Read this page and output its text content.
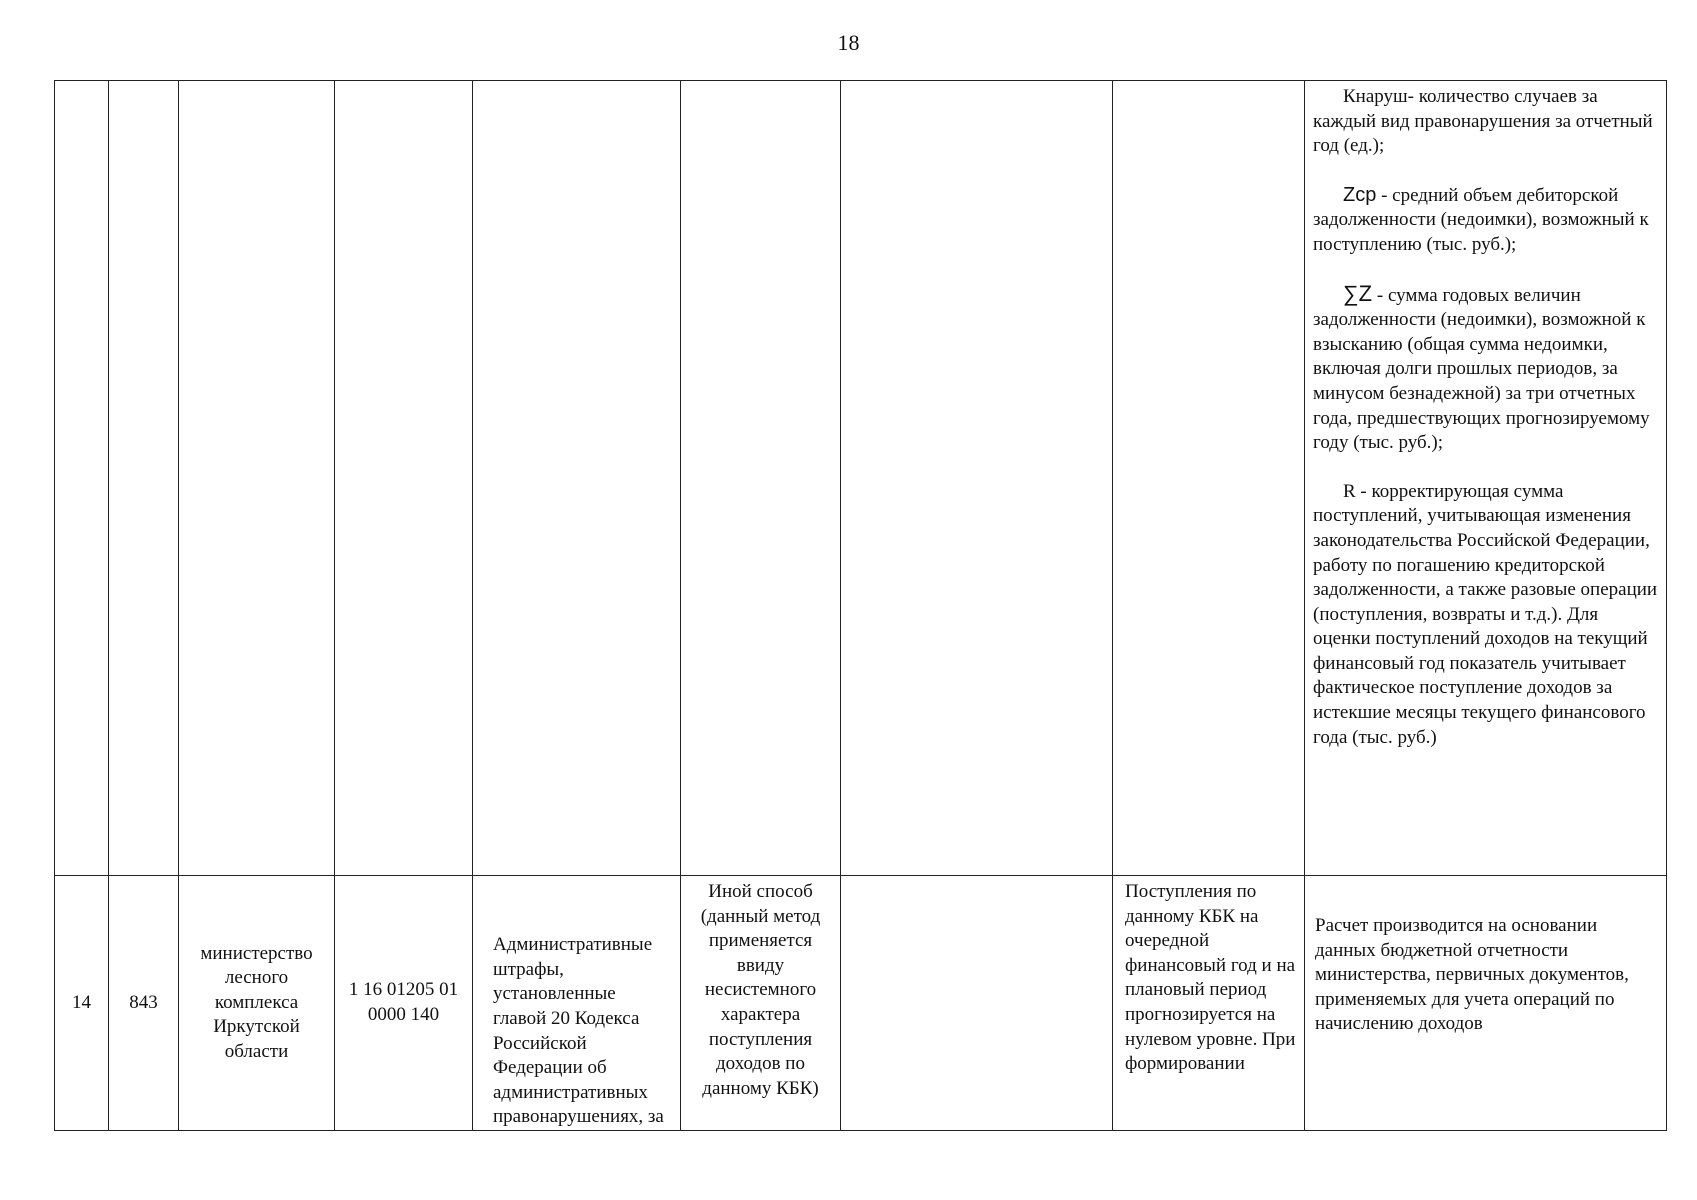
18

								Кнаруш- количество случаев за каждый вид правонарушения за отчетный год (ед.);

Zср - средний объем дебиторской задолженности (недоимки), возможный к поступлению (тыс. руб.);

∑Z - сумма годовых величин задолженности (недоимки), возможной к взысканию (общая сумма недоимки, включая долги прошлых периодов, за минусом безнадежной) за три отчетных года, предшествующих прогнозируемому году (тыс. руб.);

R - корректирующая сумма поступлений, учитывающая изменения законодательства Российской Федерации, работу по погашению кредиторской задолженности, а также разовые операции (поступления, возвраты и т.д.). Для оценки поступлений доходов на текущий финансовый год показатель учитывает фактическое поступление доходов за истекшие месяцы текущего финансового года (тыс. руб.)

14	843	министерство лесного комплекса Иркутской области	1 16 01205 01 0000 140	Административные штрафы, установленные главой 20 Кодекса Российской Федерации об административных правонарушениях, за	Иной способ (данный метод применяется ввиду несистемного характера поступления доходов по данному КБК)		Поступления по данному КБК на очередной финансовый год и на плановый период прогнозируется на нулевом уровне. При формировании	Расчет производится на основании данных бюджетной отчетности министерства, первичных документов, применяемых для учета операций по начислению доходов
